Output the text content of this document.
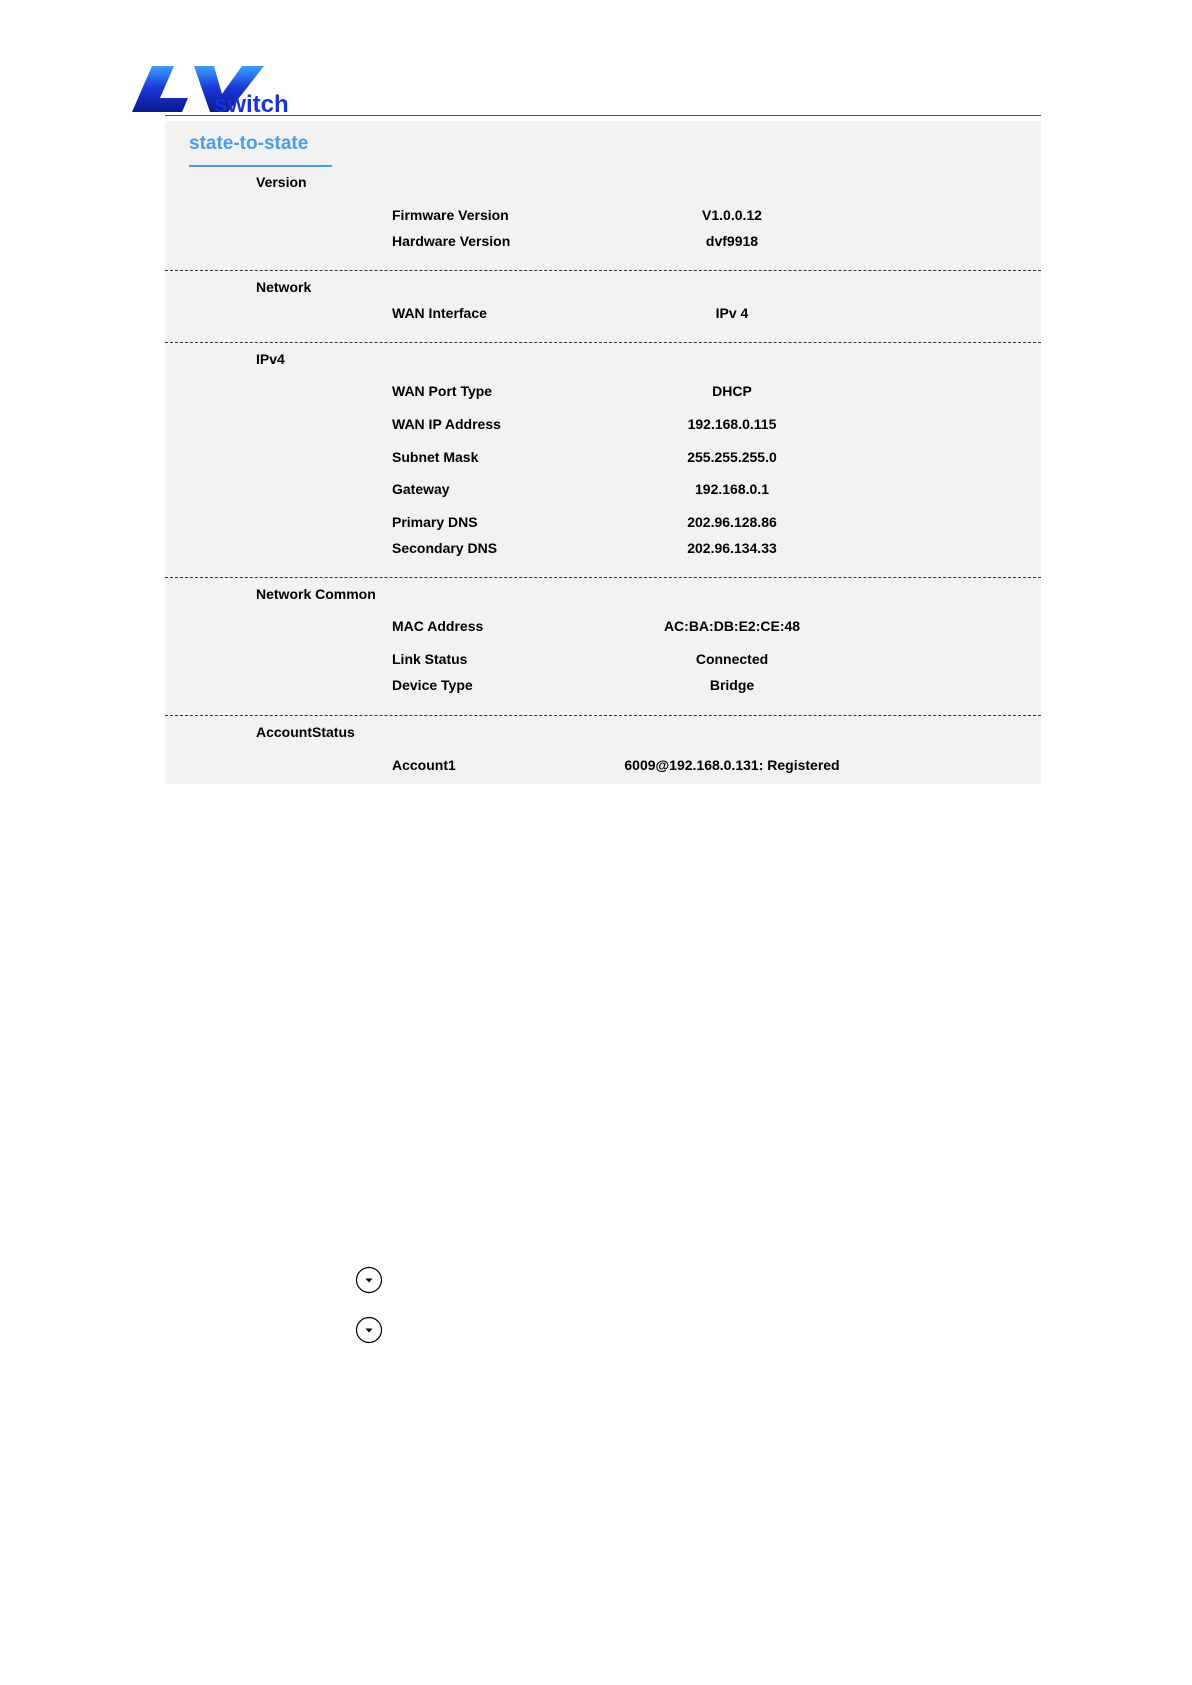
switch
state-to-state
Version
Firmware Version	V1.0.0.12
Hardware Version	dvf9918
Network
WAN Interface	IPv 4
IPv4
WAN Port Type	DHCP
WAN IP Address	192.168.0.115
Subnet Mask	255.255.255.0
Gateway	192.168.0.1
Primary DNS	202.96.128.86
Secondary DNS	202.96.134.33
Network Common
MAC Address	AC:BA:DB:E2:CE:48
Link Status	Connected
Device Type	Bridge
AccountStatus
Account1	6009@192.168.0.131: Registered
